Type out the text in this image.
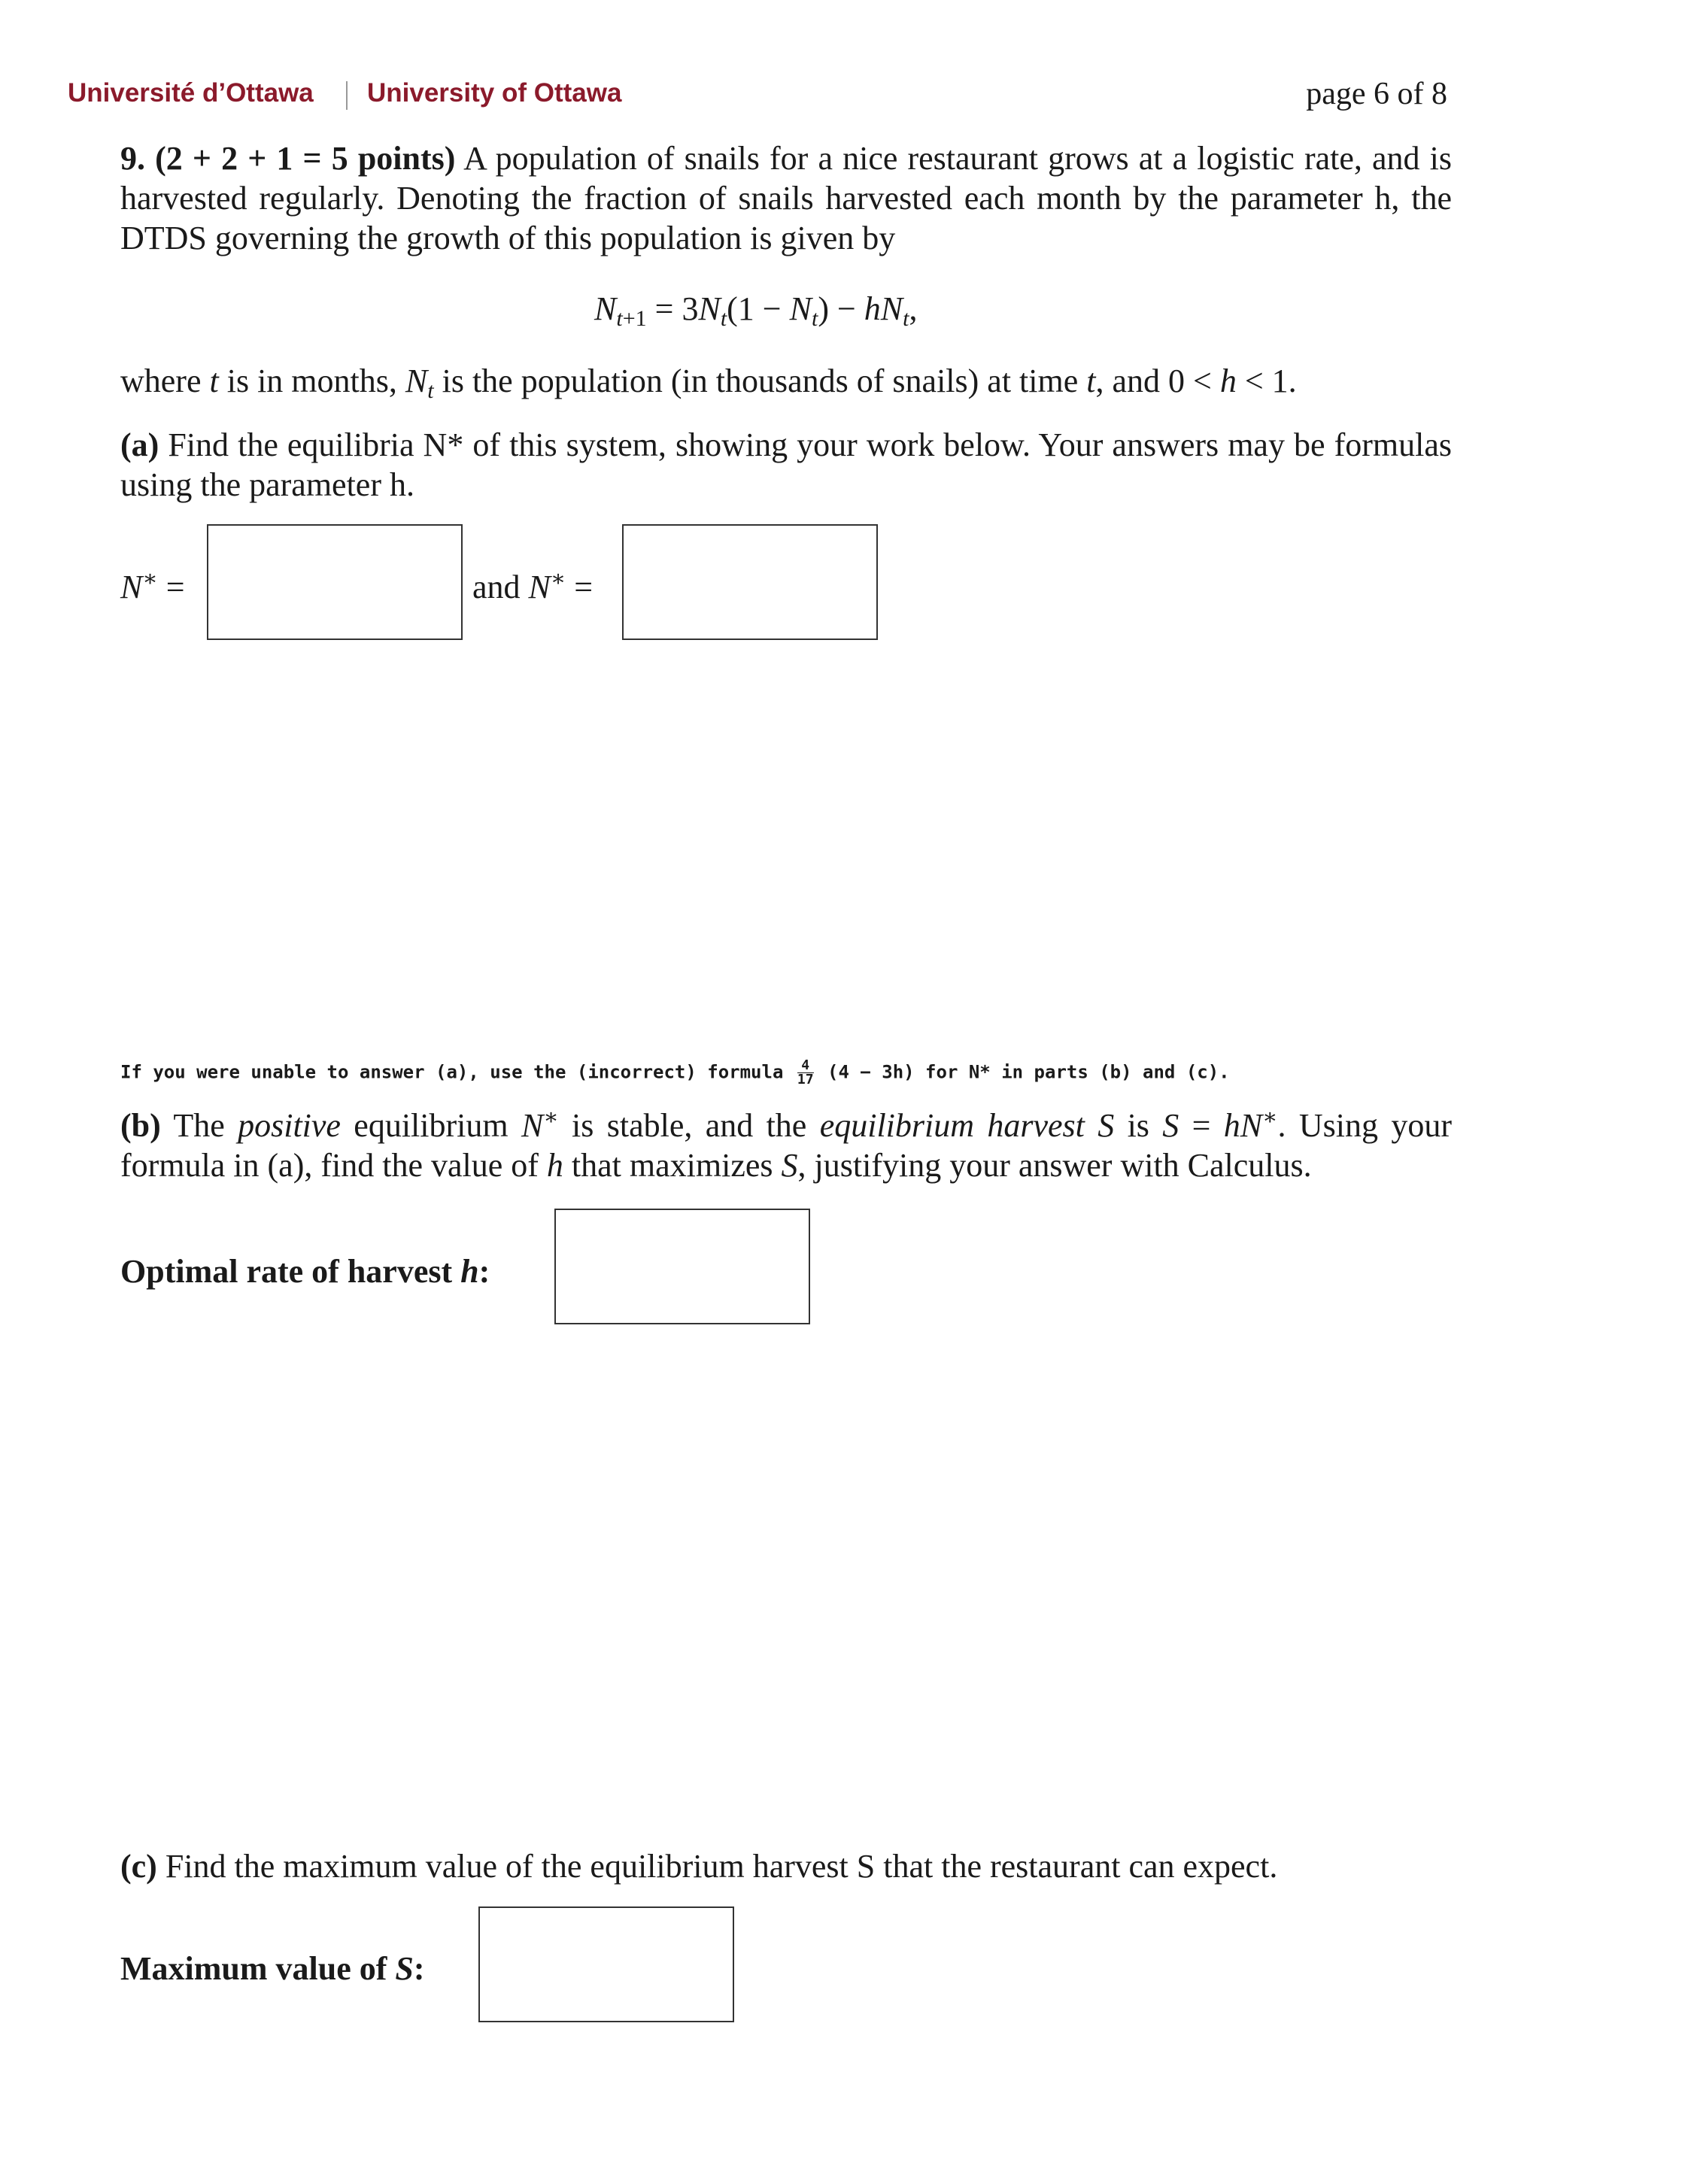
Université d’Ottawa University of Ottawa	page 6 of 8
9. (2 + 2 + 1 = 5 points) A population of snails for a nice restaurant grows at a logistic rate, and is harvested regularly. Denoting the fraction of snails harvested each month by the parameter h, the DTDS governing the growth of this population is given by
$N_{t+1} = 3N_t(1 - N_t) - hN_t$,
where t is in months, $N_t$ is the population (in thousands of snails) at time t, and 0 < h < 1.
(a) Find the equilibria N* of this system, showing your work below. Your answers may be formulas using the parameter h.
N∗ =	and N∗ =
If you were unable to answer (a), use the (incorrect) formula $\frac{4}{17} (4 - 3h)$ for N* in parts (b) and (c).
(b) The positive equilibrium N∗ is stable, and the equilibrium harvest S is S = hN∗. Using your formula in (a), find the value of h that maximizes S, justifying your answer with Calculus.
Optimal rate of harvest h:
(c) Find the maximum value of the equilibrium harvest S that the restaurant can expect.
Maximum value of S:
